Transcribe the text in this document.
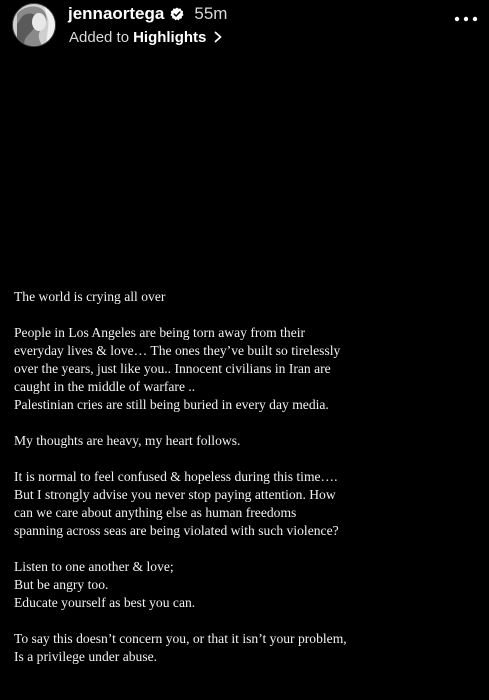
jennaortega 55m
Added to Highlights

The world is crying all over

People in Los Angeles are being torn away from their
everyday lives & love… The ones they’ve built so tirelessly
over the years, just like you.. Innocent civilians in Iran are
caught in the middle of warfare ..
Palestinian cries are still being buried in every day media.

My thoughts are heavy, my heart follows.

It is normal to feel confused & hopeless during this time….
But I strongly advise you never stop paying attention. How
can we care about anything else as human freedoms
spanning across seas are being violated with such violence?

Listen to one another & love;
But be angry too.
Educate yourself as best you can.

To say this doesn’t concern you, or that it isn’t your problem,
Is a privilege under abuse.
